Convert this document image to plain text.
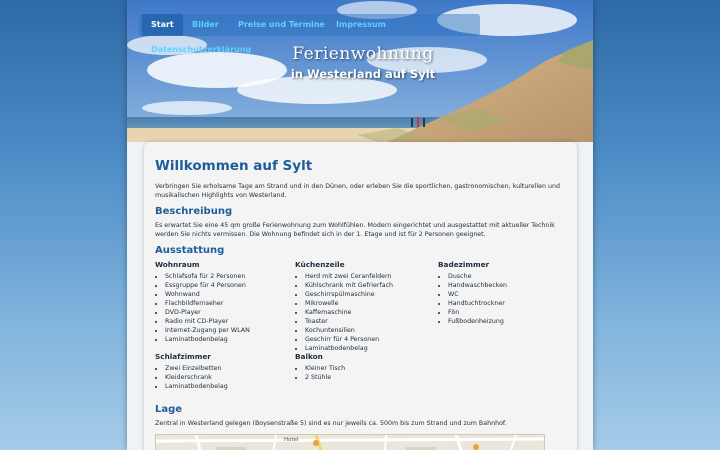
Start	Bilder Preise und Termine Impressum
Datenschutzerklärung	Ferienwohnung
in Westerland auf Sylt
Willkommen auf Sylt

Verbringen Sie erholsame Tage am Strand und in den Dünen, oder erleben Sie die sportlichen, gastronomischen, kulturellen und musikalischen Highlights von Westerland.

Beschreibung

Es erwartet Sie eine 45 qm große Ferienwohnung zum Wohlfühlen. Modern eingerichtet und ausgestattet mit aktueller Technik werden Sie nichts vermissen. Die Wohnung befindet sich in der 1. Etage und ist für 2 Personen geeignet.

Ausstattung
Wohnraum
• Schlafsofa für 2 Personen
• Essgruppe für 4 Personen
• Wohnwand
• Flachbildfernseher
• DVD-Player
• Radio mit CD-Player
• Internet-Zugang per WLAN
• Laminatbodenbelag
Küchenzeile
• Herd mit zwei Ceranfeldern
• Kühlschrank mit Gefrierfach
• Geschirrspülmaschine
• Mikrowelle
• Kaffemaschine
• Toaster
• Kochuntensilien
• Geschirr für 4 Personen
• Laminatbodenbelag
Badezimmer
• Dusche
• Handwaschbecken
• WC
• Handtuchtrockner
• Fön
• Fußbodenheizung
Schlafzimmer
• Zwei Einzelbetten
• Kleiderschrank
• Laminatbodenbelag
Balkon
• Kleiner Tisch
• 2 Stühle
Lage

Zentral in Westerland gelegen (Boysenstraße 5) sind es nur jeweils ca. 500m bis zum Strand und zum Bahnhof.

Hotel
